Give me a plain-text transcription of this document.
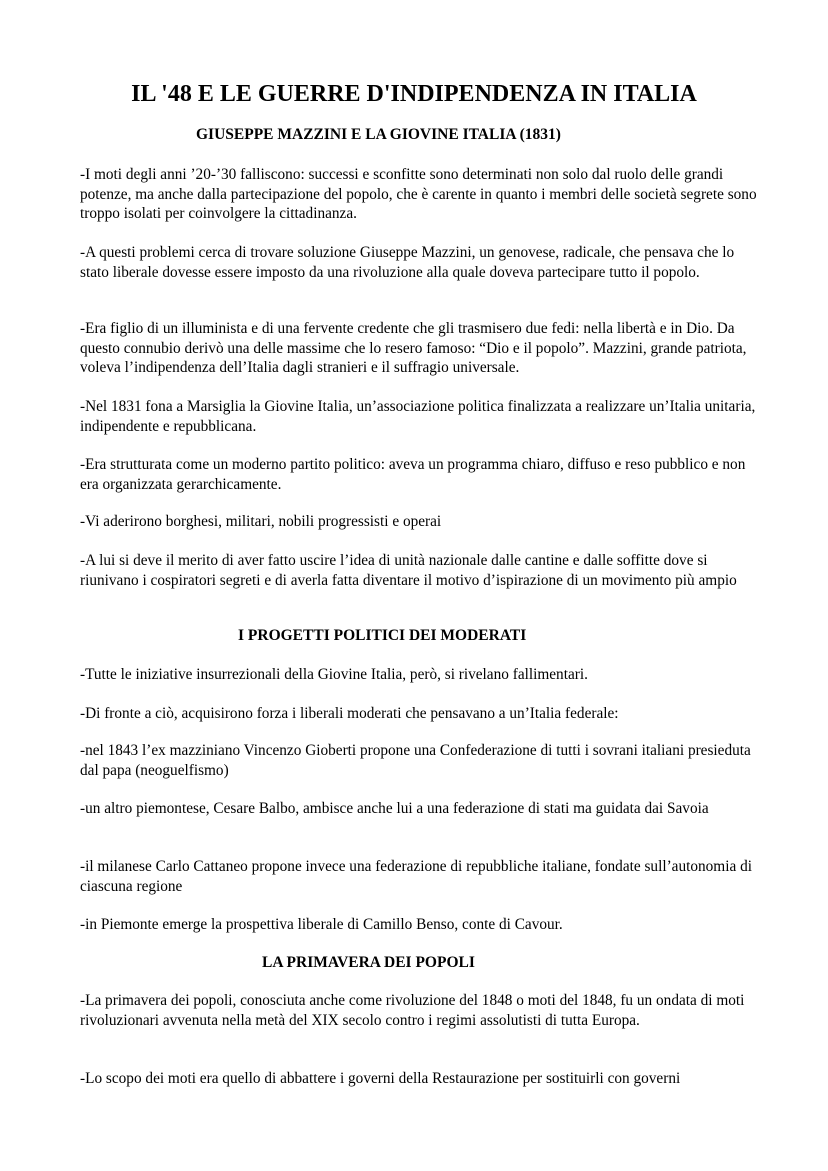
IL '48 E LE GUERRE D'INDIPENDENZA IN ITALIA
GIUSEPPE MAZZINI E LA GIOVINE ITALIA (1831)

-I moti degli anni ’20-’30 falliscono: successi e sconfitte sono determinati non solo dal ruolo delle grandi potenze, ma anche dalla partecipazione del popolo, che è carente in quanto i membri delle società segrete sono troppo isolati per coinvolgere la cittadinanza.

-A questi problemi cerca di trovare soluzione Giuseppe Mazzini, un genovese, radicale, che pensava che lo stato liberale dovesse essere imposto da una rivoluzione alla quale doveva partecipare tutto il popolo.

-Era figlio di un illuminista e di una fervente credente che gli trasmisero due fedi: nella libertà e in Dio. Da questo connubio derivò una delle massime che lo resero famoso: “Dio e il popolo”. Mazzini, grande patriota, voleva l’indipendenza dell’Italia dagli stranieri e il suffragio universale.

-Nel 1831 fona a Marsiglia la Giovine Italia, un’associazione politica finalizzata a realizzare un’Italia unitaria, indipendente e repubblicana.

-Era strutturata come un moderno partito politico: aveva un programma chiaro, diffuso e reso pubblico e non era organizzata gerarchicamente.

-Vi aderirono borghesi, militari, nobili progressisti e operai

-A lui si deve il merito di aver fatto uscire l’idea di unità nazionale dalle cantine e dalle soffitte dove si riunivano i cospiratori segreti e di averla fatta diventare il motivo d’ispirazione di un movimento più ampio

I PROGETTI POLITICI DEI MODERATI

-Tutte le iniziative insurrezionali della Giovine Italia, però, si rivelano fallimentari.

-Di fronte a ciò, acquisirono forza i liberali moderati che pensavano a un’Italia federale:

-nel 1843 l’ex mazziniano Vincenzo Gioberti propone una Confederazione di tutti i sovrani italiani presieduta dal papa (neoguelfismo)

-un altro piemontese, Cesare Balbo, ambisce anche lui a una federazione di stati ma guidata dai Savoia

-il milanese Carlo Cattaneo propone invece una federazione di repubbliche italiane, fondate sull’autonomia di ciascuna regione

-in Piemonte emerge la prospettiva liberale di Camillo Benso, conte di Cavour.

LA PRIMAVERA DEI POPOLI

-La primavera dei popoli, conosciuta anche come rivoluzione del 1848 o moti del 1848, fu un ondata di moti rivoluzionari avvenuta nella metà del XIX secolo contro i regimi assolutisti di tutta Europa.

-Lo scopo dei moti era quello di abbattere i governi della Restaurazione per sostituirli con governi
